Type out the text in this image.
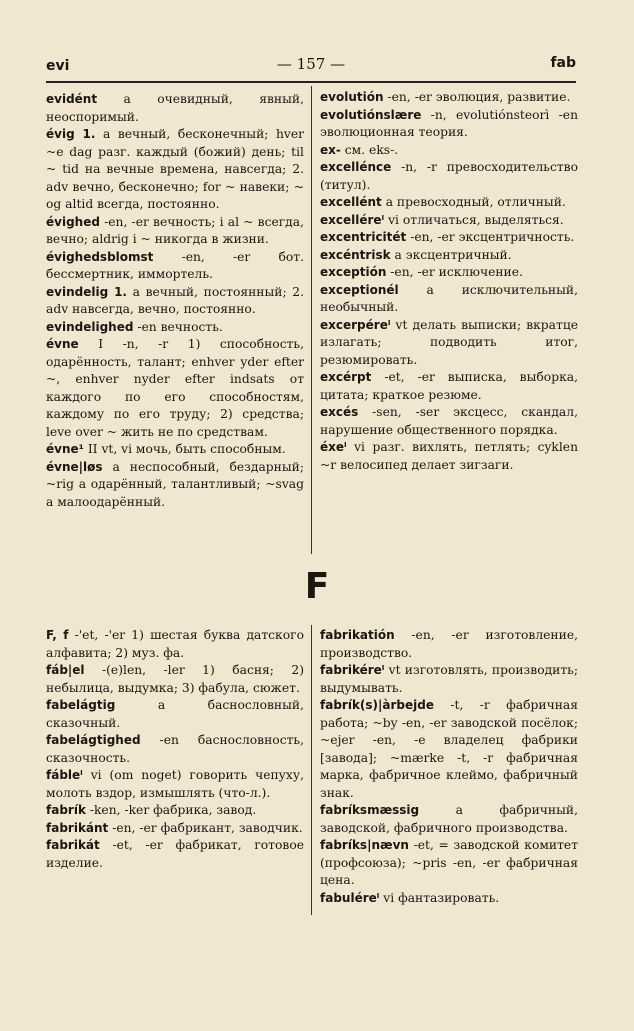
evi	— 157 —	fab
evidént a очевидный, явный, неоспоримый.
évig 1. a вечный, бесконечный; hver ~e dag разг. каждый (божий) день; til ~ tid на вечные времена, навсегда; 2. adv вечно, бесконечно; for ~ навеки; ~ og altid всегда, постоянно.
évighed -en, -er вечность; i al ~ всегда, вечно; aldrig i ~ никогда в жизни.
évighedsblomst -en, -er бот. бессмертник, иммортель.
evindelig 1. a вечный, постоянный; 2. adv навсегда, вечно, постоянно.
evindelighed -en вечность.
évne I -n, -r 1) способность, одарённость, талант; enhver yder efter ~, enhver nyder efter indsats от каждого по его способностям, каждому по его труду; 2) средства; leve over ~ жить не по средствам.
évne¹ II vt, vi мочь, быть способным.
évne|løs a неспособный, бездарный; ~rig a одарённый, талантливый; ~svag a малоодарённый.
evolutión -en, -er эволюция, развитие.
evolutiónslære -n, evolutiónsteorì -en эволюционная теория.
ex- см. eks-.
excellénce -n, -r превосходительство (титул).
excellént a превосходный, отличный.
excelléreˡ vi отличаться, выделяться.
excentricitét -en, -er эксцентричность.
excéntrisk a эксцентричный.
exceptión -en, -er исключение.
exceptionél a исключительный, необычный.
excerpéreˡ vt делать выписки; вкратце излагать; подводить итог, резюмировать.
excérpt -et, -er выписка, выборка, цитата; краткое резюме.
excés -sen, -ser эксцесс, скандал, нарушение общественного порядка.
éxeˡ vi разг. вихлять, петлять; cyklen ~r велосипед делает зигзаги.
F
F, f -'et, -'er 1) шестая буква датского алфавита; 2) муз. фа.
fáb|el -(e)len, -ler 1) басня; 2) небылица, выдумка; 3) фабула, сюжет.
fabelágtig a баснословный, сказочный.
fabelágtighed -en баснословность, сказочность.
fábleˡ vi (om noget) говорить чепуху, молоть вздор, измышлять (что-л.).
fabrík -ken, -ker фабрика, завод.
fabrikánt -en, -er фабрикант, заводчик.
fabrikát -et, -er фабрикат, готовое изделие.
fabrikatión -en, -er изготовление, производство.
fabrikéreˡ vt изготовлять, производить; выдумывать.
fabrík(s)|àrbejde -t, -r фабричная работа; ~by -en, -er заводской посёлок; ~ejer -en, -e владелец фабрики [завода]; ~mærke -t, -r фабричная марка, фабричное клеймо, фабричный знак.
fabríksmæssig a фабричный, заводской, фабричного производства.
fabríks|nævn -et, = заводской комитет (профсоюза); ~pris -en, -er фабричная цена.
fabuléreˡ vi фантазировать.
